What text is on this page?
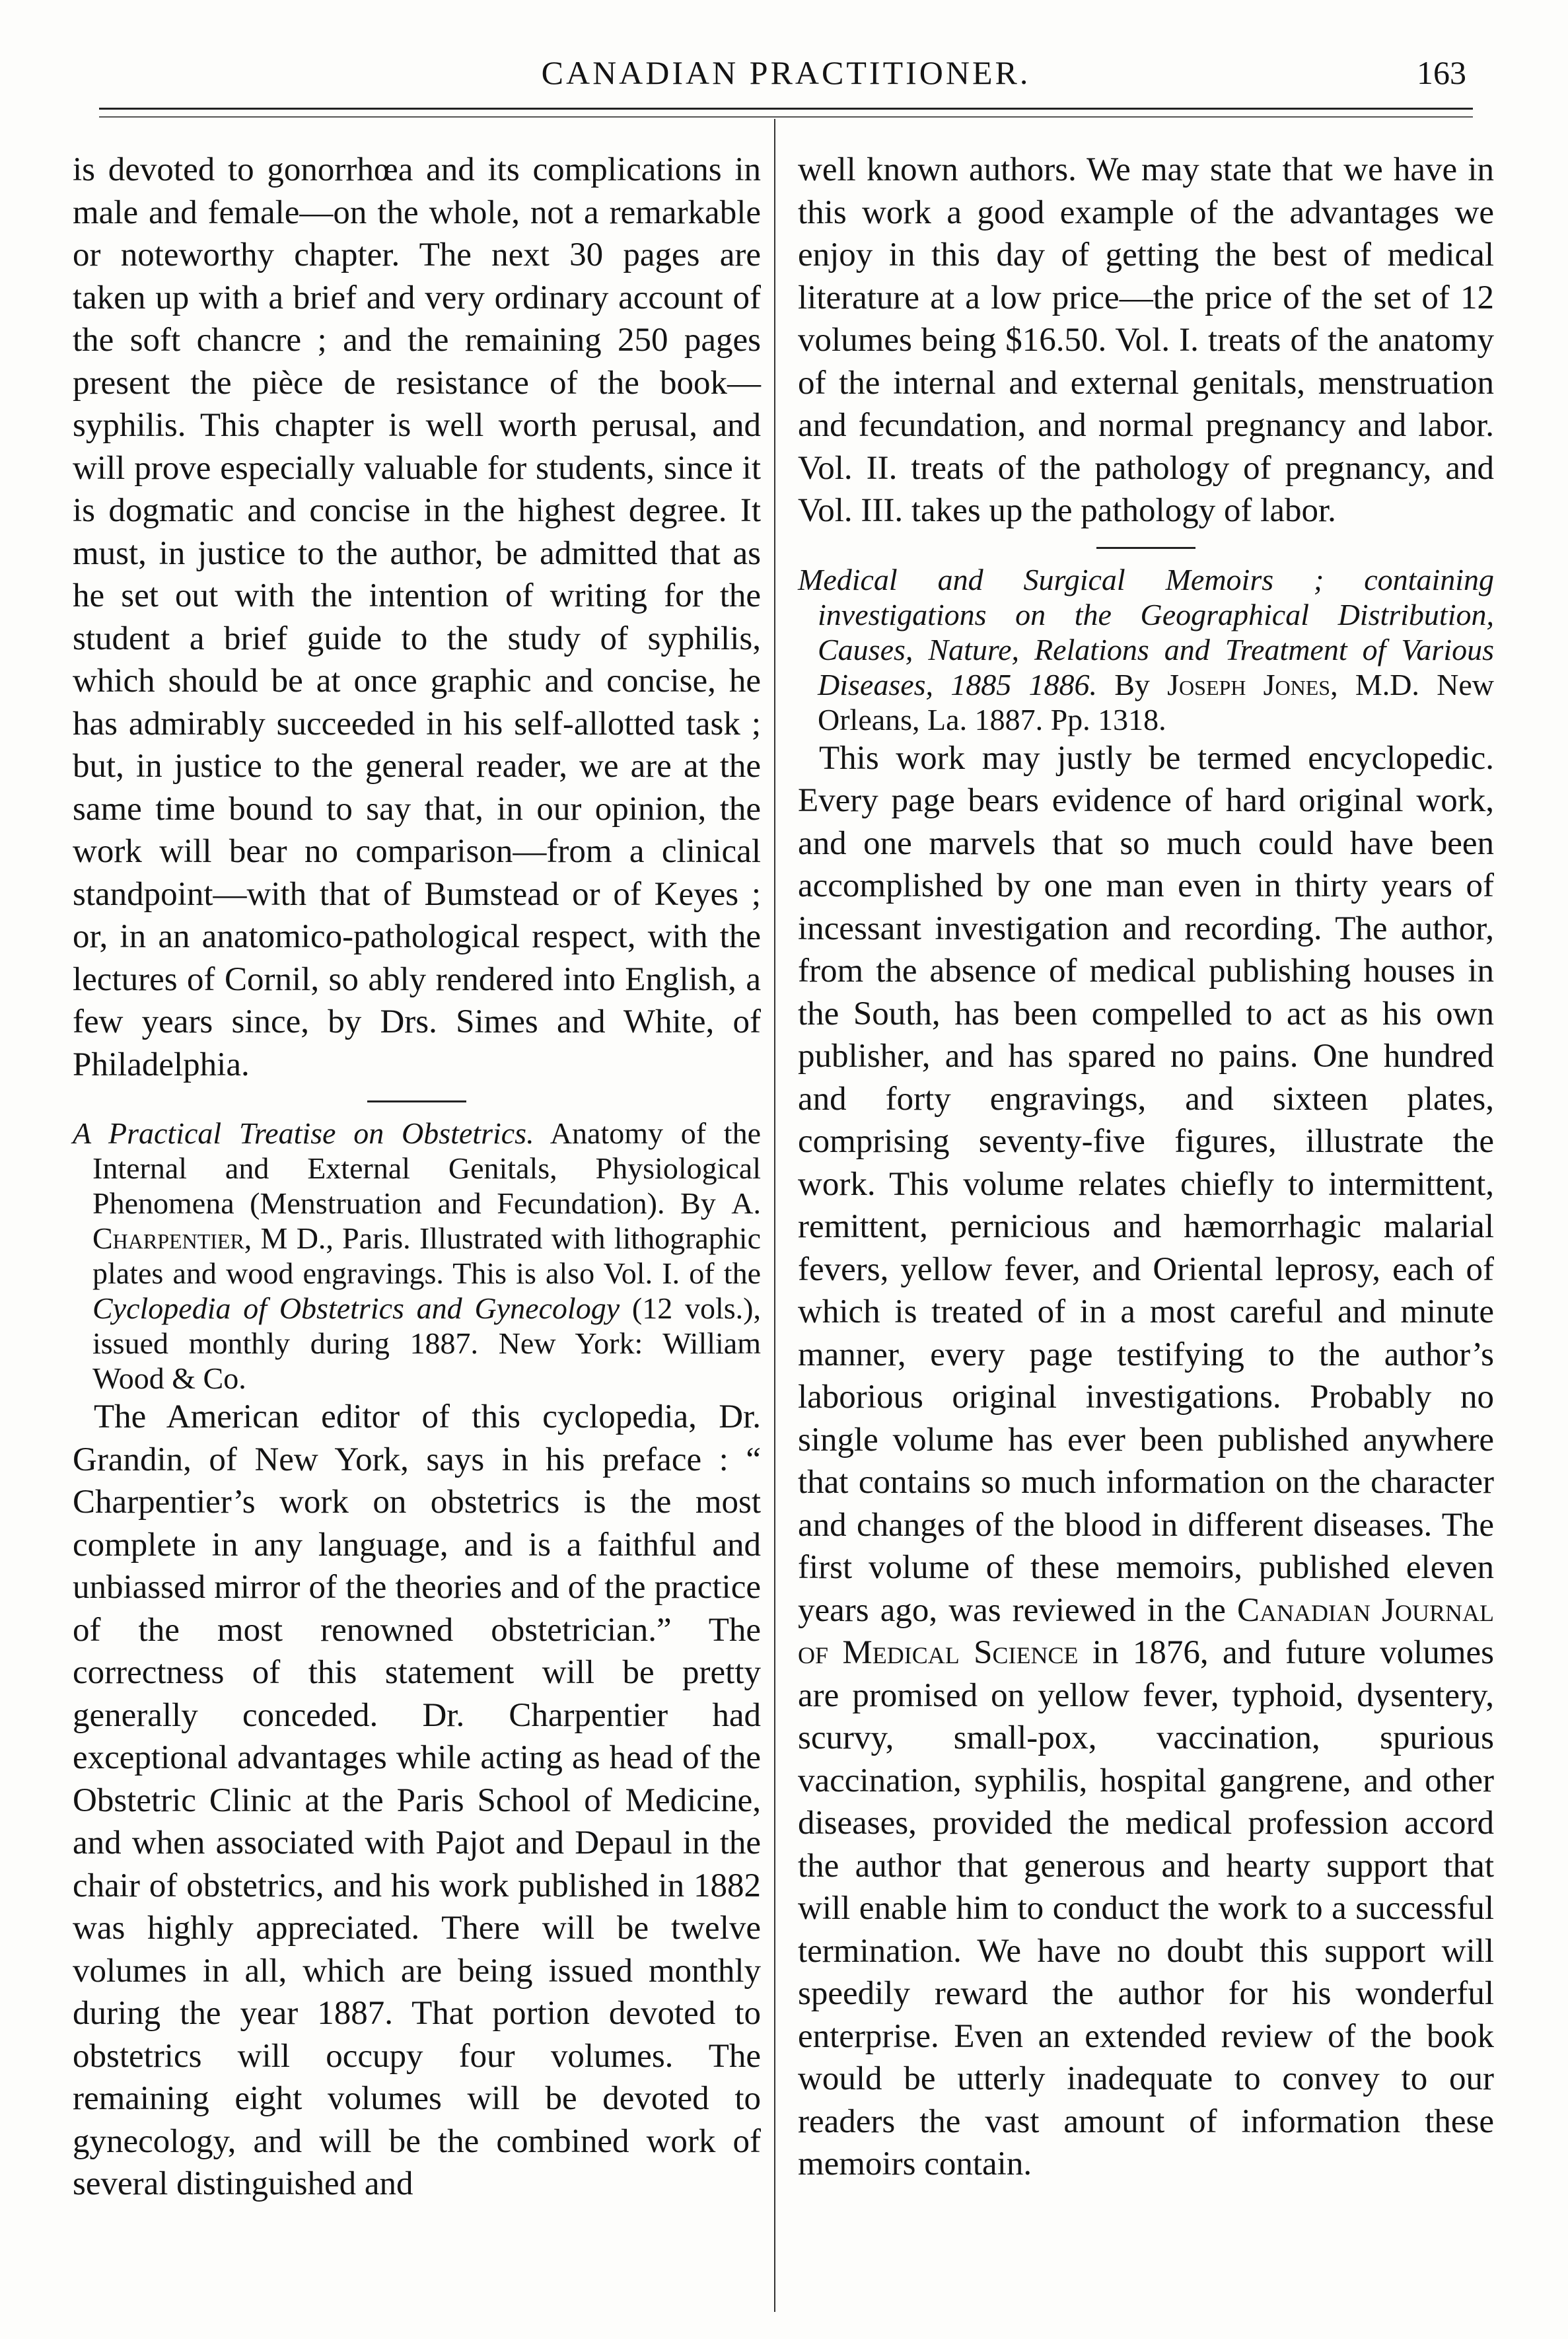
CANADIAN PRACTITIONER.	163

is devoted to gonorrhœa and its complications in male and female—on the whole, not a remarkable or noteworthy chapter. The next 30 pages are taken up with a brief and very ordinary account of the soft chancre ; and the remaining 250 pages present the pièce de resistance of the book—syphilis. This chapter is well worth perusal, and will prove especially valuable for students, since it is dogmatic and concise in the highest degree. It must, in justice to the author, be admitted that as he set out with the intention of writing for the student a brief guide to the study of syphilis, which should be at once graphic and concise, he has admirably succeeded in his self-allotted task ; but, in justice to the general reader, we are at the same time bound to say that, in our opinion, the work will bear no comparison—from a clinical standpoint—with that of Bumstead or of Keyes ; or, in an anatomico-pathological respect, with the lectures of Cornil, so ably rendered into English, a few years since, by Drs. Simes and White, of Philadelphia.

A Practical Treatise on Obstetrics. Anatomy of the Internal and External Genitals, Physiological Phenomena (Menstruation and Fecundation). By A. Charpentier, M D., Paris. Illustrated with lithographic plates and wood engravings. This is also Vol. I. of the Cyclopedia of Obstetrics and Gynecology (12 vols.), issued monthly during 1887. New York: William Wood & Co.

The American editor of this cyclopedia, Dr. Grandin, of New York, says in his preface : “ Charpentier’s work on obstetrics is the most complete in any language, and is a faithful and unbiassed mirror of the theories and of the practice of the most renowned obstetrician.” The correctness of this statement will be pretty generally conceded. Dr. Charpentier had exceptional advantages while acting as head of the Obstetric Clinic at the Paris School of Medicine, and when associated with Pajot and Depaul in the chair of obstetrics, and his work published in 1882 was highly appreciated. There will be twelve volumes in all, which are being issued monthly during the year 1887. That portion devoted to obstetrics will occupy four volumes. The remaining eight volumes will be devoted to gynecology, and will be the combined work of several distinguished and

well known authors. We may state that we have in this work a good example of the advantages we enjoy in this day of getting the best of medical literature at a low price—the price of the set of 12 volumes being $16.50. Vol. I. treats of the anatomy of the internal and external genitals, menstruation and fecundation, and normal pregnancy and labor. Vol. II. treats of the pathology of pregnancy, and Vol. III. takes up the pathology of labor.

Medical and Surgical Memoirs ; containing investigations on the Geographical Distribution, Causes, Nature, Relations and Treatment of Various Diseases, 1885 1886. By Joseph Jones, M.D. New Orleans, La. 1887. Pp. 1318.

This work may justly be termed encyclopedic. Every page bears evidence of hard original work, and one marvels that so much could have been accomplished by one man even in thirty years of incessant investigation and recording. The author, from the absence of medical publishing houses in the South, has been compelled to act as his own publisher, and has spared no pains. One hundred and forty engravings, and sixteen plates, comprising seventy-five figures, illustrate the work. This volume relates chiefly to intermittent, remittent, pernicious and hæmorrhagic malarial fevers, yellow fever, and Oriental leprosy, each of which is treated of in a most careful and minute manner, every page testifying to the author’s laborious original investigations. Probably no single volume has ever been published anywhere that contains so much information on the character and changes of the blood in different diseases. The first volume of these memoirs, published eleven years ago, was reviewed in the Canadian Journal of Medical Science in 1876, and future volumes are promised on yellow fever, typhoid, dysentery, scurvy, small-pox, vaccination, spurious vaccination, syphilis, hospital gangrene, and other diseases, provided the medical profession accord the author that generous and hearty support that will enable him to conduct the work to a successful termination. We have no doubt this support will speedily reward the author for his wonderful enterprise. Even an extended review of the book would be utterly inadequate to convey to our readers the vast amount of information these memoirs contain.
